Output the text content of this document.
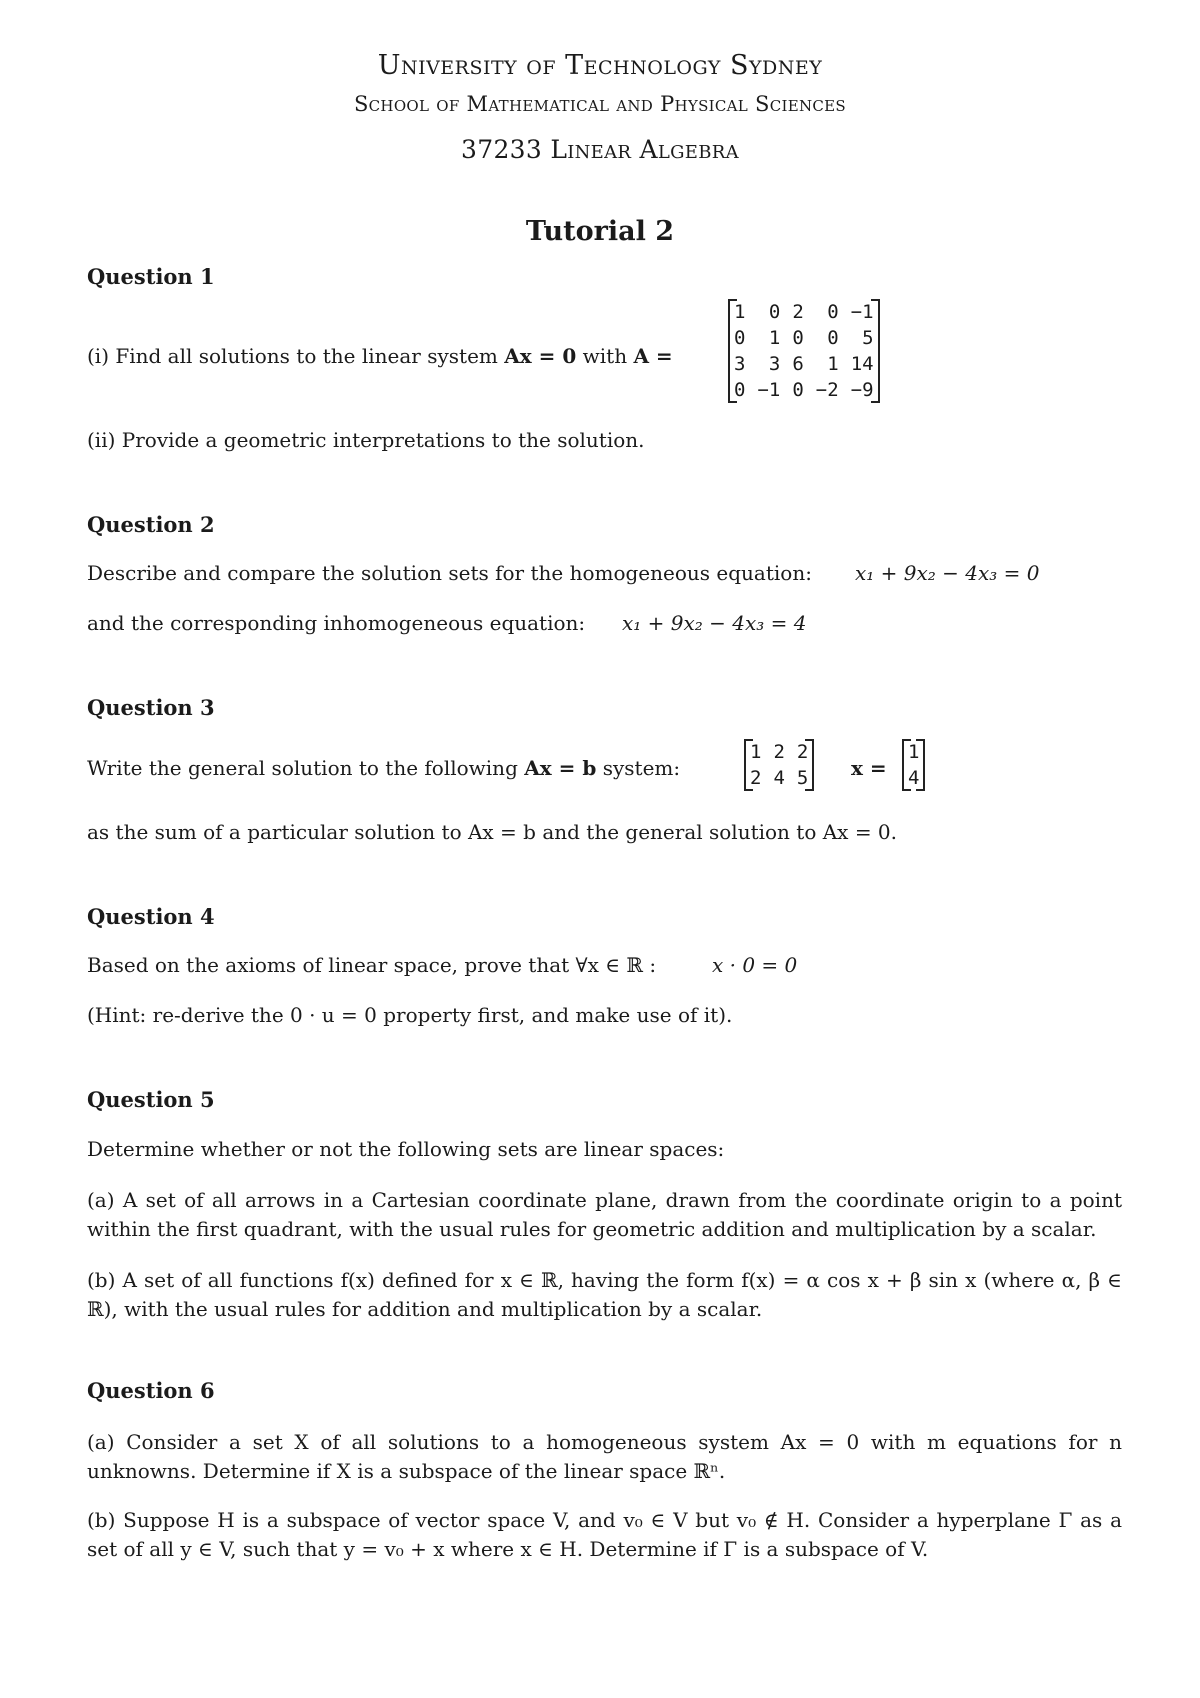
University of Technology Sydney
School of Mathematical and Physical Sciences
37233 Linear Algebra
Tutorial 2
Question 1
(i) Find all solutions to the linear system Ax = 0 with A =
1	0	2	0	−1
0	1	0	0	5
3	3	6	1	14
0	−1	0	−2	−9
(ii) Provide a geometric interpretations to the solution.
Question 2
Describe and compare the solution sets for the homogeneous equation: x₁ + 9x₂ − 4x₃ = 0
and the corresponding inhomogeneous equation: x₁ + 9x₂ − 4x₃ = 4
Question 3
Write the general solution to the following Ax = b system:
1	2	2
2	4	5 x =
1
4
as the sum of a particular solution to Ax = b and the general solution to Ax = 0.
Question 4
Based on the axioms of linear space, prove that ∀x ∈ ℝ :	x · 0 = 0
(Hint: re-derive the 0 · u = 0 property first, and make use of it).
Question 5
Determine whether or not the following sets are linear spaces:
(a) A set of all arrows in a Cartesian coordinate plane, drawn from the coordinate origin to a point within the first quadrant, with the usual rules for geometric addition and multiplication by a scalar.
(b) A set of all functions f(x) defined for x ∈ ℝ, having the form f(x) = α cos x + β sin x (where α, β ∈ ℝ), with the usual rules for addition and multiplication by a scalar.
Question 6
(a) Consider a set X of all solutions to a homogeneous system Ax = 0 with m equations for n unknowns. Determine if X is a subspace of the linear space ℝⁿ.
(b) Suppose H is a subspace of vector space V, and v₀ ∈ V but v₀ ∉ H. Consider a hyperplane Γ as a set of all y ∈ V, such that y = v₀ + x where x ∈ H. Determine if Γ is a subspace of V.
